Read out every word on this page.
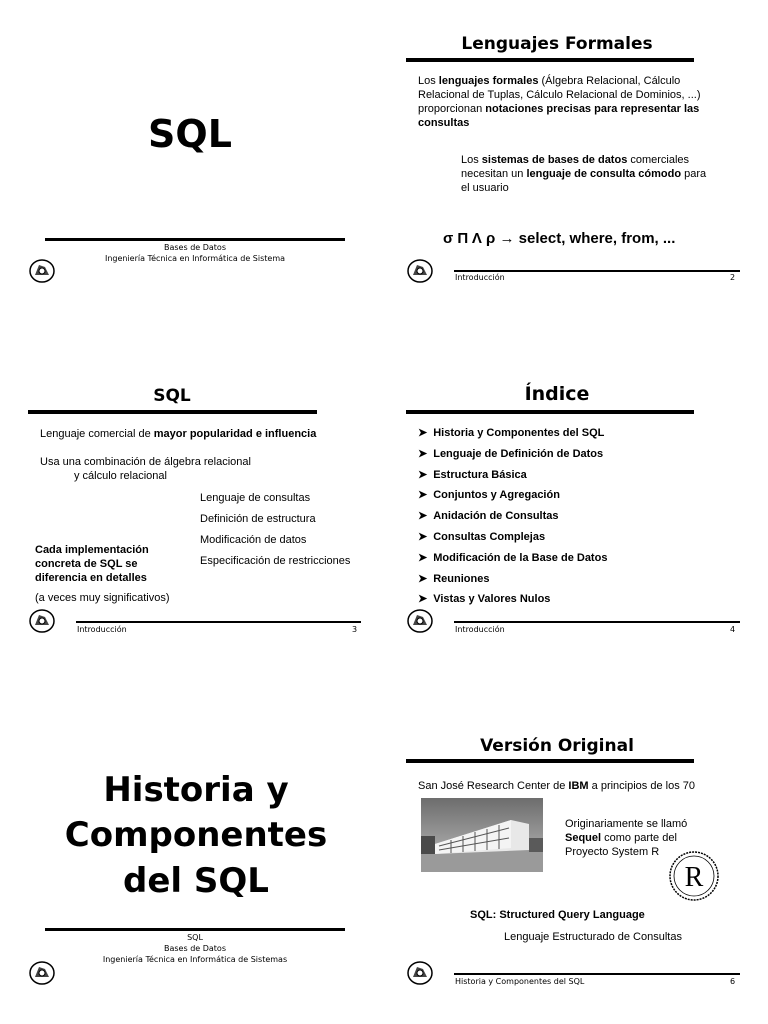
SQL
Bases de Datos
Ingeniería Técnica en Informática de Sistema
Lenguajes Formales
Los lenguajes formales (Álgebra Relacional, Cálculo Relacional de Tuplas, Cálculo Relacional de Dominios, ...) proporcionan notaciones precisas para representar las consultas
Los sistemas de bases de datos comerciales necesitan un lenguaje de consulta cómodo para el usuario
σ Π Λ ρ → select, where, from, ...
Introducción	2
SQL
Lenguaje comercial de mayor popularidad e influencia
Usa una combinación de álgebra relacional
y cálculo relacional
Lenguaje de consultas
Definición de estructura
Modificación de datos
Especificación de restricciones
Cada implementación concreta de SQL se diferencia en detalles
(a veces muy significativos)
Introducción	3
Índice
Introducción	4
➤ Historia y Componentes del SQL
➤ Lenguaje de Definición de Datos
➤ Estructura Básica
➤ Conjuntos y Agregación
➤ Anidación de Consultas
➤ Consultas Complejas
➤ Modificación de la Base de Datos
➤ Reuniones
➤ Vistas y Valores Nulos
Historia y
Componentes
del SQL
SQL
Bases de Datos
Ingeniería Técnica en Informática de Sistemas
Versión Original
San José Research Center de IBM a principios de los 70
Originariamente se llamó
Sequel como parte del
Proyecto System R
R
SQL: Structured Query Language
Lenguaje Estructurado de Consultas
Historia y Componentes del SQL	6
